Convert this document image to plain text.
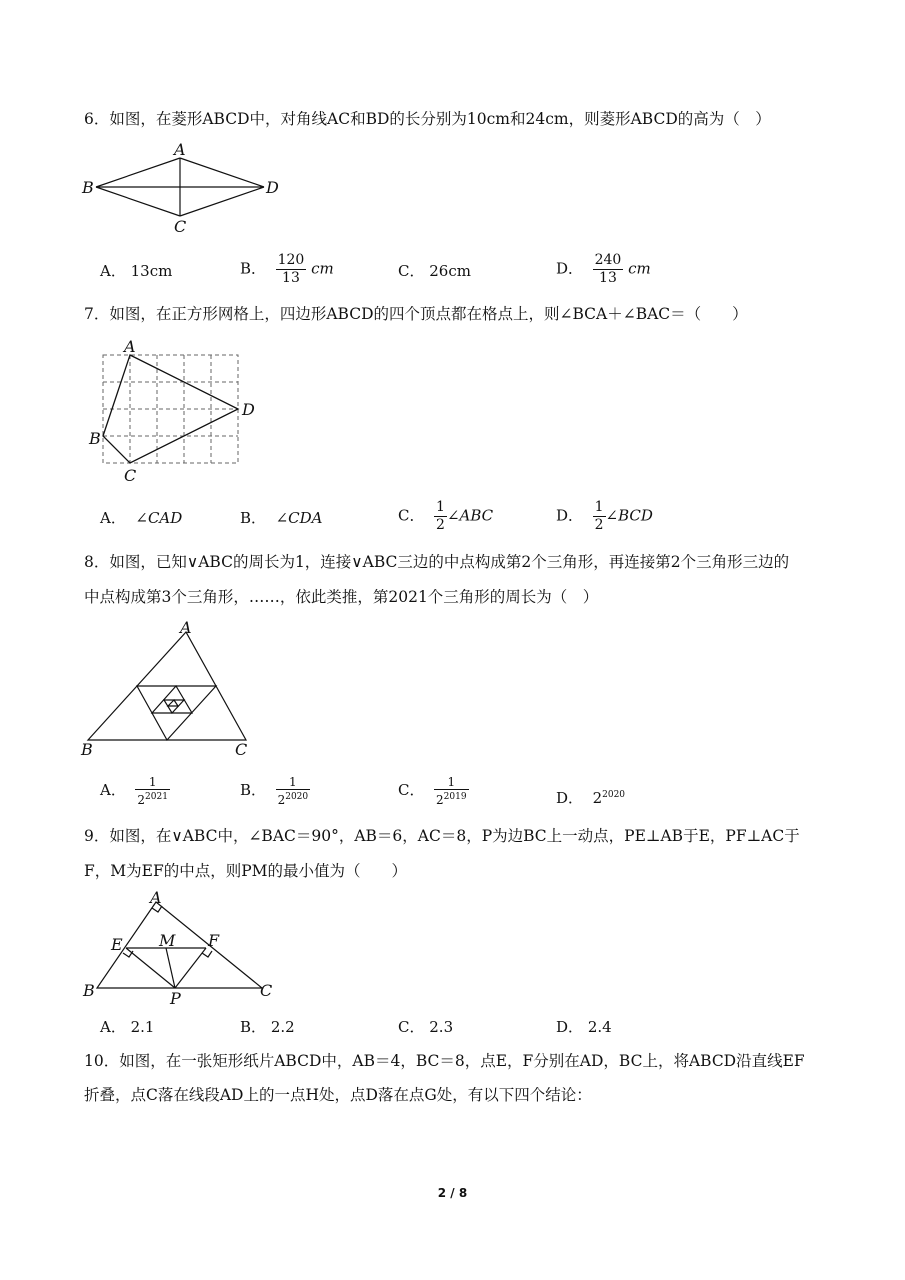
6．如图，在菱形ABCD中，对角线AC和BD的长分别为10cm和24cm，则菱形ABCD的高为（　）
A
B
C
D
A． 13cm	B． $\frac{120}{13}$ cm	C． 26cm	D． $\frac{240}{13}$ cm
7．如图，在正方形网格上，四边形ABCD的四个顶点都在格点上，则∠BCA＋∠BAC＝（　　）
A
B
C
D
A． ∠CAD	B． ∠CDA	C． $\frac{1}{2}$ ∠ABC	D． $\frac{1}{2}$ ∠BCD
8．如图，已知∨ABC的周长为1，连接∨ABC三边的中点构成第2个三角形，再连接第2个三角形三边的
中点构成第3个三角形，……，依此类推，第2021个三角形的周长为（　）
A
B	C
A． $\frac{1}{2^{2021}}$	B． $\frac{1}{2^{2020}}$	C． $\frac{1}{2^{2019}}$	D． $2^{2020}$
9．如图，在∨ABC中，∠BAC＝90°，AB＝6，AC＝8，P为边BC上一动点，PE⊥AB于E，PF⊥AC于
F，M为EF的中点，则PM的最小值为（　　）
A
E M F
B	P	C
A． 2.1	B． 2.2	C． 2.3	D． 2.4
10．如图，在一张矩形纸片ABCD中，AB＝4，BC＝8，点E，F分别在AD，BC上，将ABCD沿直线EF
折叠，点C落在线段AD上的一点H处，点D落在点G处，有以下四个结论：
2 / 8
